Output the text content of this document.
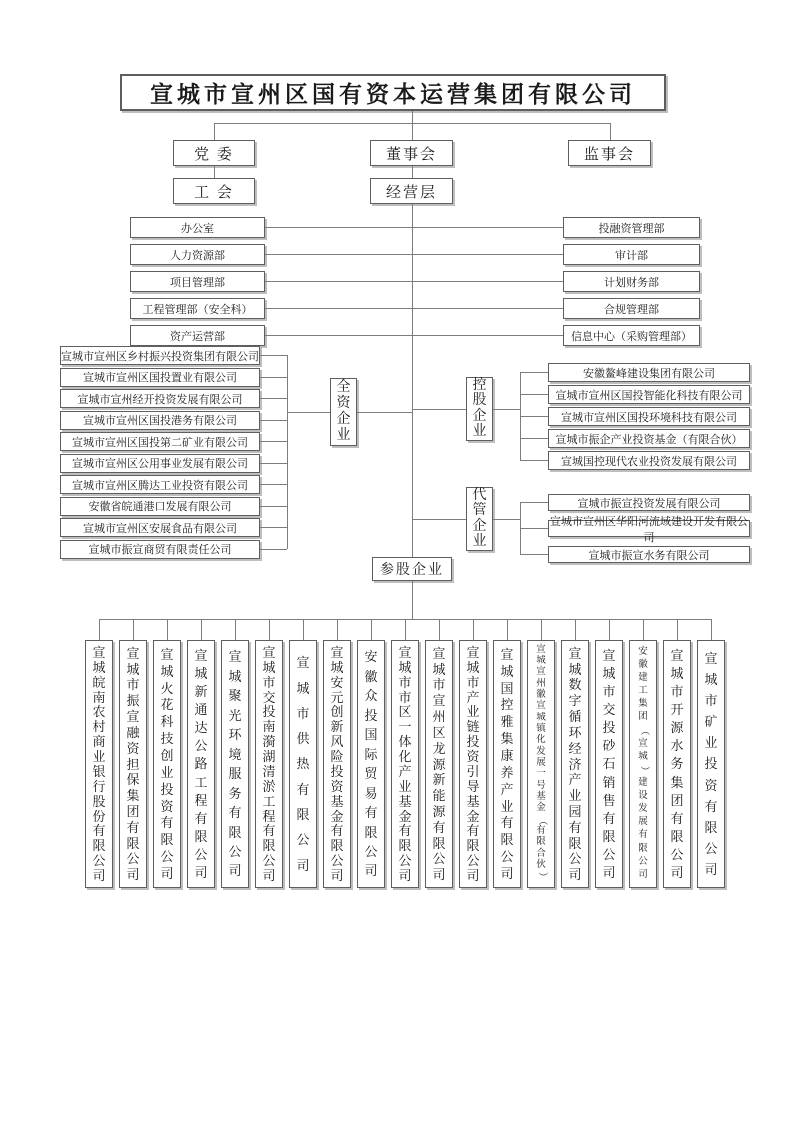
宣城市宣州区国有资本运营集团有限公司
党 委	董事会	监事会
工 会	经营层
全
资
企
业
控
股
企
业
代
管
企
业
参股企业
办公室
人力资源部
项目管理部
工程管理部（安全科）
资产运营部
投融资管理部
审计部
计划财务部
合规管理部
信息中心（采购管理部）
宣城市宣州区乡村振兴投资集团有限公司
宣城市宣州区国投置业有限公司
宣城市宣州经开投资发展有限公司
宣城市宣州区国投港务有限公司
宣城市宣州区国投第二矿业有限公司
宣城市宣州区公用事业发展有限公司
宣城市宣州区腾达工业投资有限公司
安徽省皖通港口发展有限公司
宣城市宣州区安展食品有限公司
宣城市振宣商贸有限责任公司
安徽鳌峰建设集团有限公司
宣城市宣州区国投智能化科技有限公司
宣城市宣州区国投环境科技有限公司
宣城市振企产业投资基金（有限合伙）
宣城国控现代农业投资发展有限公司
宣城市振宣投资发展有限公司
宣城市宣州区华阳河流域建设开发有限公司
宣城市振宣水务有限公司
宣
城
皖
南
农
村
商
业
银
行
股
份
有
限
公
司
宣
城
市
振
宣
融
资
担
保
集
团
有
限
公
司
宣
城
火
花
科
技
创
业
投
资
有
限
公
司
宣
城
新
通
达
公
路
工
程
有
限
公
司
宣
城
聚
光
环
境
服
务
有
限
公
司
宣
城
市
交
投
南
漪
湖
清
淤
工
程
有
限
公
司
宣
城
市
供
热
有
限
公
司
宣
城
安
元
创
新
风
险
投
资
基
金
有
限
公
司
安
徽
众
投
国
际
贸
易
有
限
公
司
宣
城
市
市
区
一
体
化
产
业
基
金
有
限
公
司
宣
城
市
宣
州
区
龙
源
新
能
源
有
限
公
司
宣
城
市
产
业
链
投
资
引
导
基
金
有
限
公
司
宣
城
国
控
雅
集
康
养
产
业
有
限
公
司
宣
城
宣
州
徽
宣
城
镇
化
发
展
一
号
基
金
（
有
限
合
伙
）
宣
城
数
字
循
环
经
济
产
业
园
有
限
公
司
宣
城
市
交
投
砂
石
销
售
有
限
公
司
安
徽
建
工
集
团
（
宣
城
）
建
设
发
展
有
限
公
司
宣
城
市
开
源
水
务
集
团
有
限
公
司
宣
城
市
矿
业
投
资
有
限
公
司
